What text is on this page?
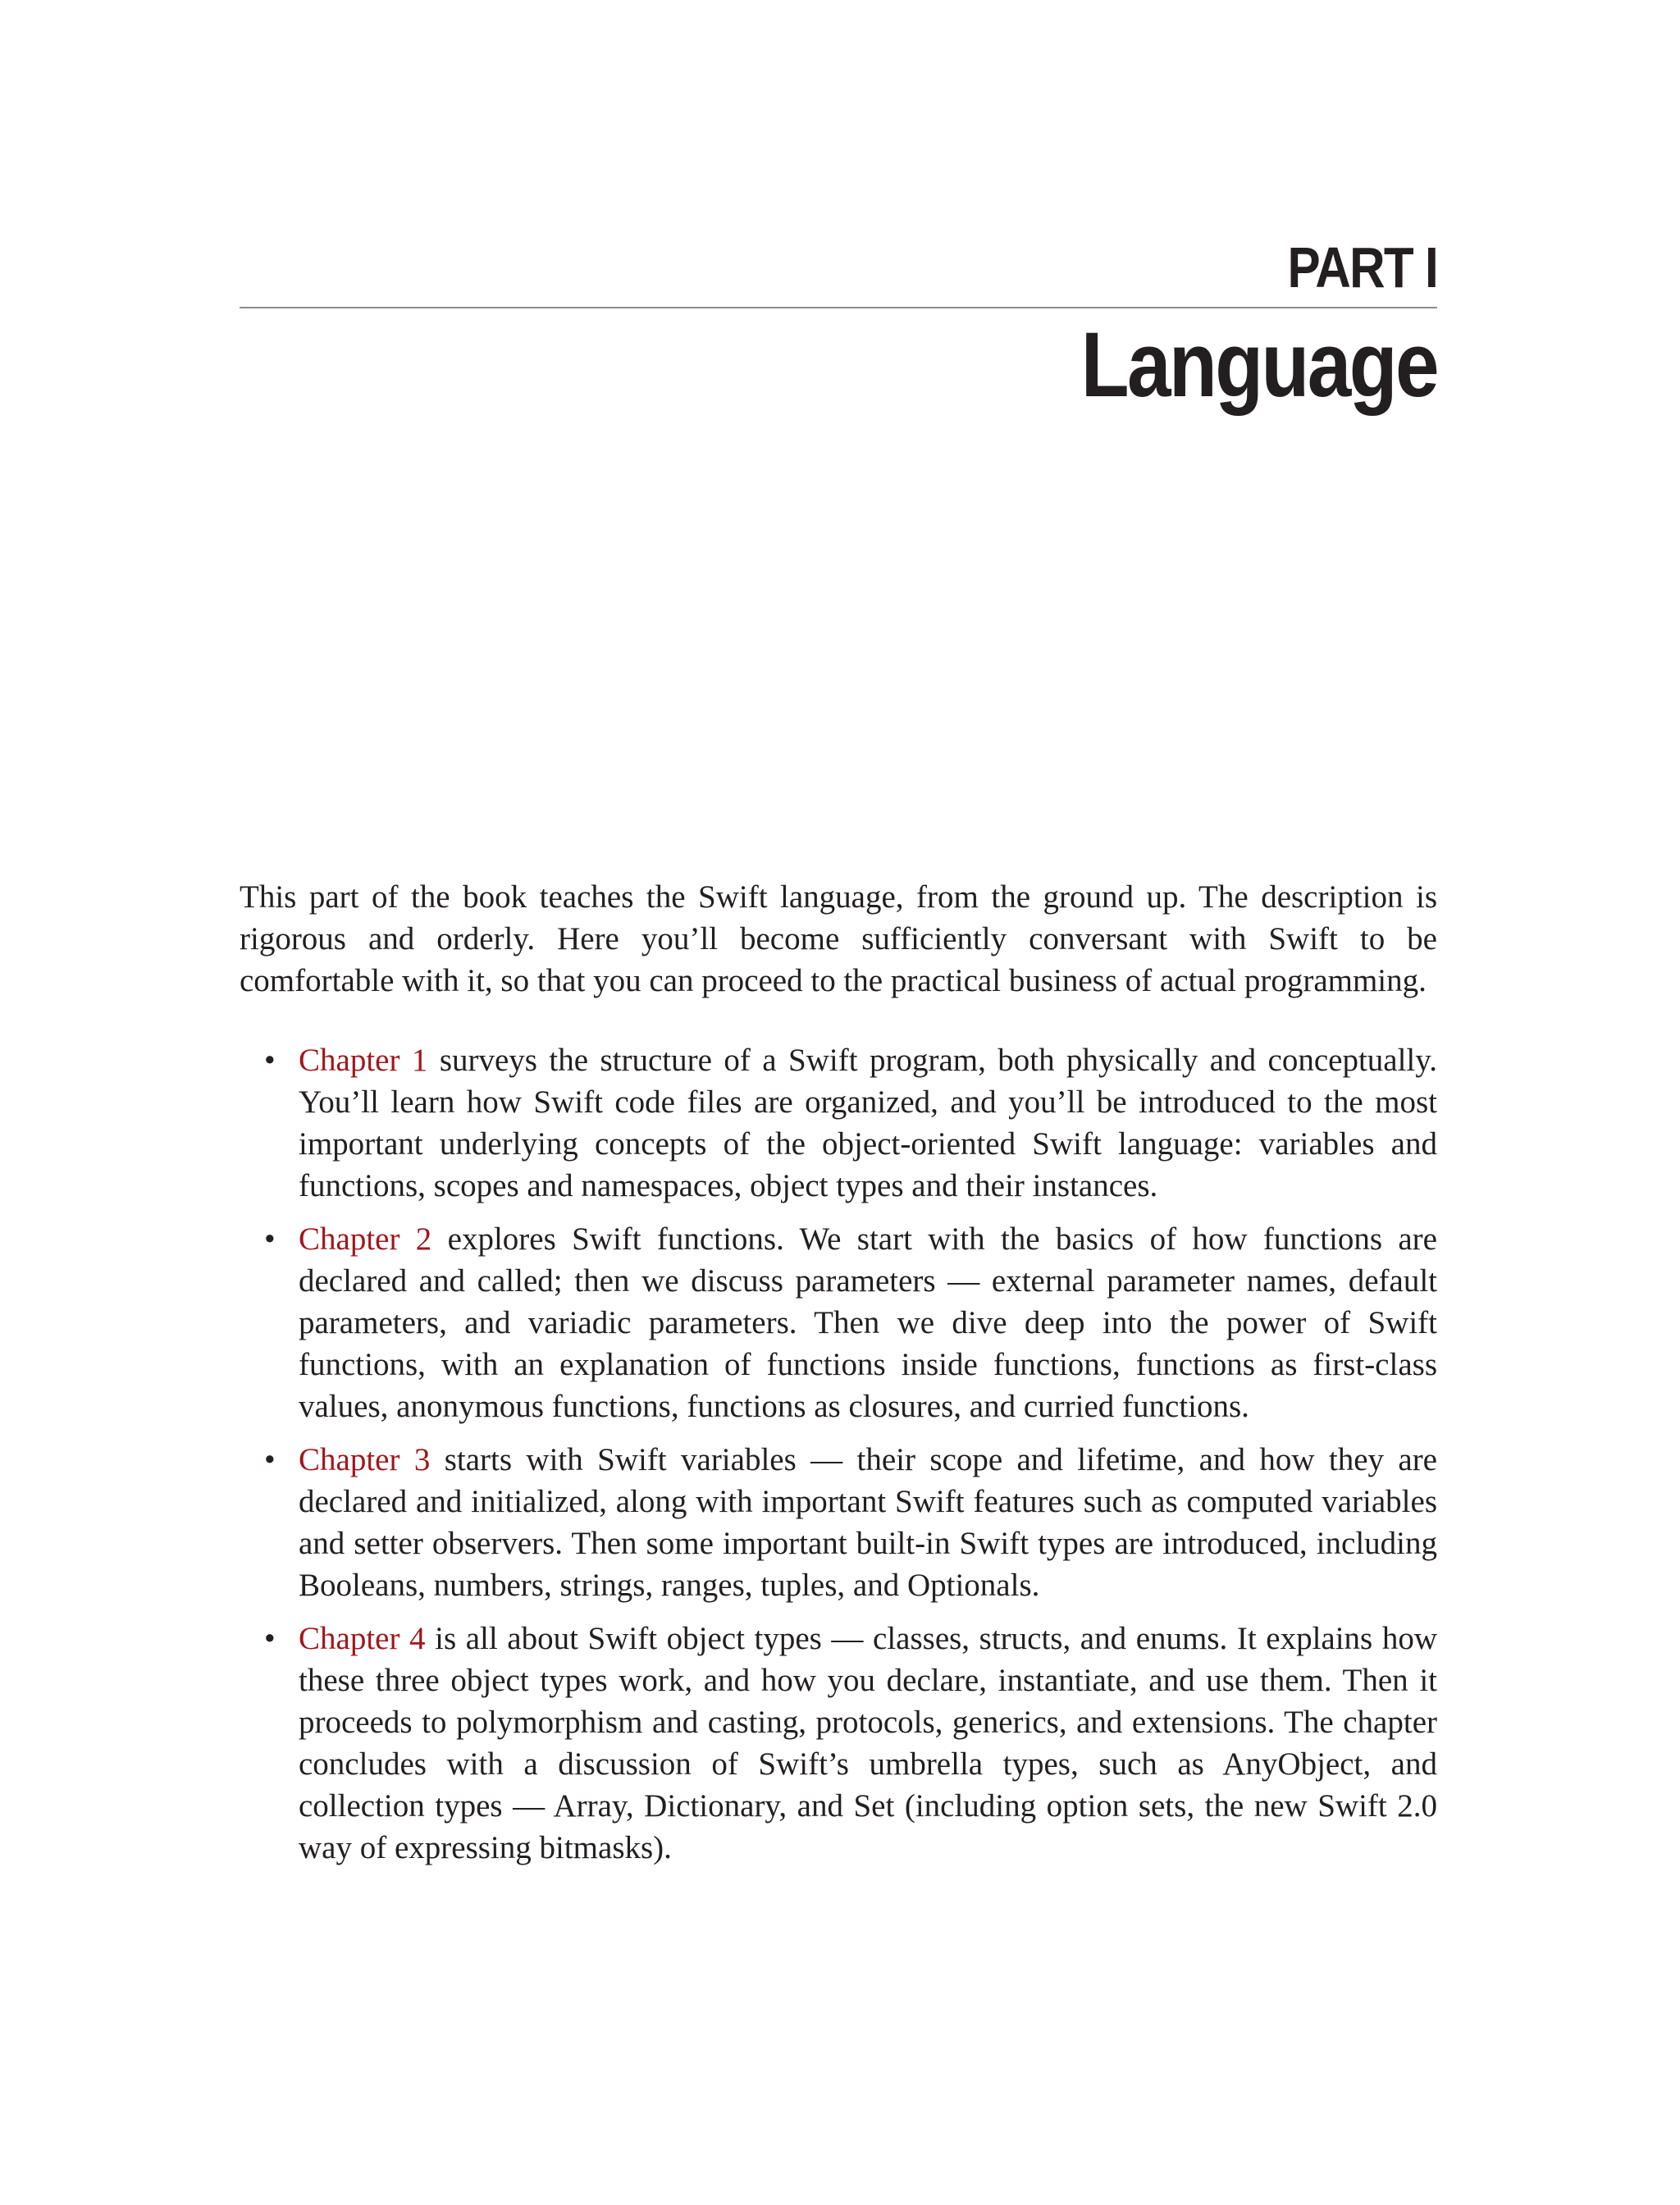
PART I
Language

This part of the book teaches the Swift language, from the ground up. The description is rigorous and orderly. Here you’ll become sufficiently conversant with Swift to be comfortable with it, so that you can proceed to the practical business of actual programming.

• Chapter 1 surveys the structure of a Swift program, both physically and conceptually. You’ll learn how Swift code files are organized, and you’ll be introduced to the most important underlying concepts of the object-oriented Swift language: variables and functions, scopes and namespaces, object types and their instances.
• Chapter 2 explores Swift functions. We start with the basics of how functions are declared and called; then we discuss parameters — external parameter names, default parameters, and variadic parameters. Then we dive deep into the power of Swift functions, with an explanation of functions inside functions, functions as first-class values, anonymous functions, functions as closures, and curried functions.
• Chapter 3 starts with Swift variables — their scope and lifetime, and how they are declared and initialized, along with important Swift features such as computed variables and setter observers. Then some important built-in Swift types are introduced, including Booleans, numbers, strings, ranges, tuples, and Optionals.
• Chapter 4 is all about Swift object types — classes, structs, and enums. It explains how these three object types work, and how you declare, instantiate, and use them. Then it proceeds to polymorphism and casting, protocols, generics, and extensions. The chapter concludes with a discussion of Swift’s umbrella types, such as AnyObject, and collection types — Array, Dictionary, and Set (including option sets, the new Swift 2.0 way of expressing bitmasks).
